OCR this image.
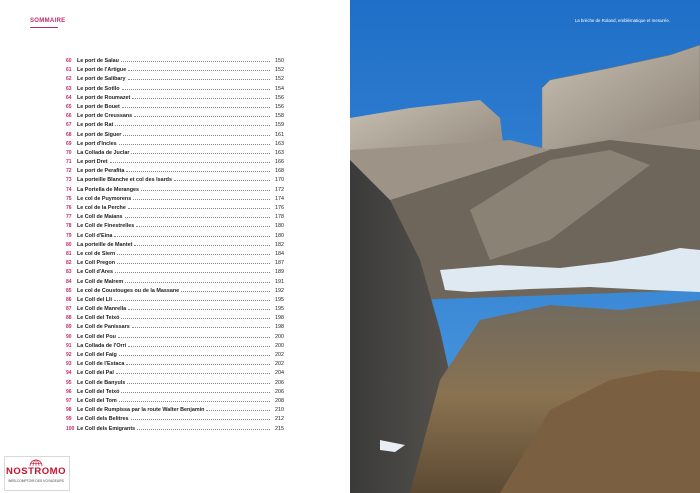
SOMMAIRE
60	Le port de Salau	150
61	Le port de l'Artigue	152
62	Le port de Salibary	152
63	Le port de Sotllo	154
64	Le port de Roumazet	156
65	Le port de Bouet	156
66	Le port de Creussans	158
67	Le port de Rat	159
68	Le port de Siguer	161
69	Le port d'Incles	163
70	La Collada de Juclar	163
71	Le port Dret	166
72	Le port de Perafita	168
73	La porteille Blanche et col des Isards	170
74	La Portella de Meranges	172
75	Le col de Puymorens	174
76	Le col de la Perche	176
77	Le Coll de Maians	178
78	Le Coll de Finestrelles	180
79	Le Coll d'Eina	180
80	La porteille de Mantet	182
81	Le col de Siern	184
82	Le Coll Pregon	187
83	Le Coll d'Ares	189
84	Le Coll de Malrem	191
85	Le col de Coustouges ou de la Massane	192
86	Le Coll del Lli	195
87	Le Coll de Manrella	195
88	Le Coll del Teixó	198
89	Le Coll de Panissars	198
90	Le Coll del Pou	200
91	La Collada de l'Orri	200
92	Le Coll del Faig	202
93	Le Coll de l'Estaca	202
94	Le Coll del Pal	204
95	Le Coll de Banyuls	206
96	Le Coll del Teixó	206
97	Le Coll del Tom	208
98	Le Coll de Rumpissa par la route Walter Benjamin	210
99	Le Coll dels Belitres	212
100 Le Coll dels Emigrants	215
NOSTROMO
WEB-COMPTOIR DES VOYAGEURS
La brèche de Roland, emblématique et mesurée.
